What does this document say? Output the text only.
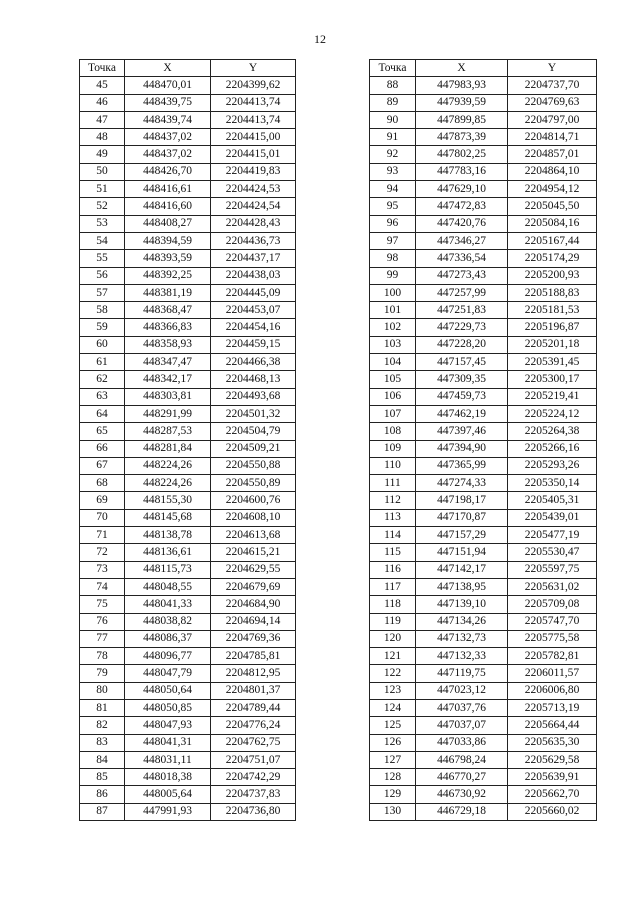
12
Точка	X	Y
45	448470,01	2204399,62
46	448439,75	2204413,74
47	448439,74	2204413,74
48	448437,02	2204415,00
49	448437,02	2204415,01
50	448426,70	2204419,83
51	448416,61	2204424,53
52	448416,60	2204424,54
53	448408,27	2204428,43
54	448394,59	2204436,73
55	448393,59	2204437,17
56	448392,25	2204438,03
57	448381,19	2204445,09
58	448368,47	2204453,07
59	448366,83	2204454,16
60	448358,93	2204459,15
61	448347,47	2204466,38
62	448342,17	2204468,13
63	448303,81	2204493,68
64	448291,99	2204501,32
65	448287,53	2204504,79
66	448281,84	2204509,21
67	448224,26	2204550,88
68	448224,26	2204550,89
69	448155,30	2204600,76
70	448145,68	2204608,10
71	448138,78	2204613,68
72	448136,61	2204615,21
73	448115,73	2204629,55
74	448048,55	2204679,69
75	448041,33	2204684,90
76	448038,82	2204694,14
77	448086,37	2204769,36
78	448096,77	2204785,81
79	448047,79	2204812,95
80	448050,64	2204801,37
81	448050,85	2204789,44
82	448047,93	2204776,24
83	448041,31	2204762,75
84	448031,11	2204751,07
85	448018,38	2204742,29
86	448005,64	2204737,83
87	447991,93	2204736,80
Точка	X	Y
88	447983,93	2204737,70
89	447939,59	2204769,63
90	447899,85	2204797,00
91	447873,39	2204814,71
92	447802,25	2204857,01
93	447783,16	2204864,10
94	447629,10	2204954,12
95	447472,83	2205045,50
96	447420,76	2205084,16
97	447346,27	2205167,44
98	447336,54	2205174,29
99	447273,43	2205200,93
100	447257,99	2205188,83
101	447251,83	2205181,53
102	447229,73	2205196,87
103	447228,20	2205201,18
104	447157,45	2205391,45
105	447309,35	2205300,17
106	447459,73	2205219,41
107	447462,19	2205224,12
108	447397,46	2205264,38
109	447394,90	2205266,16
110	447365,99	2205293,26
111	447274,33	2205350,14
112	447198,17	2205405,31
113	447170,87	2205439,01
114	447157,29	2205477,19
115	447151,94	2205530,47
116	447142,17	2205597,75
117	447138,95	2205631,02
118	447139,10	2205709,08
119	447134,26	2205747,70
120	447132,73	2205775,58
121	447132,33	2205782,81
122	447119,75	2206011,57
123	447023,12	2206006,80
124	447037,76	2205713,19
125	447037,07	2205664,44
126	447033,86	2205635,30
127	446798,24	2205629,58
128	446770,27	2205639,91
129	446730,92	2205662,70
130	446729,18	2205660,02
